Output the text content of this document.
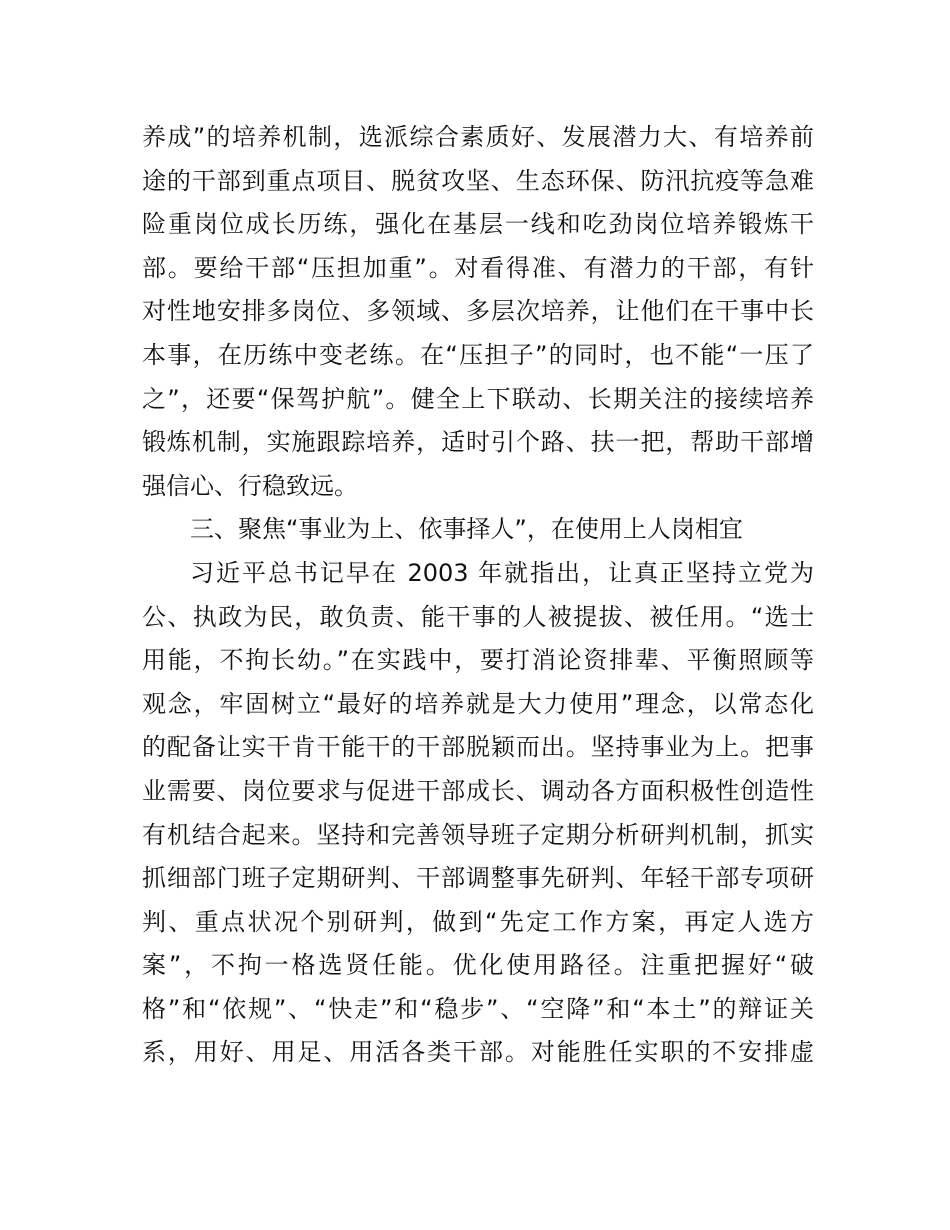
养成”的培养机制，选派综合素质好、发展潜力大、有培养前
途的干部到重点项目、脱贫攻坚、生态环保、防汛抗疫等急难
险重岗位成长历练，强化在基层一线和吃劲岗位培养锻炼干
部。要给干部“压担加重”。对看得准、有潜力的干部，有针
对性地安排多岗位、多领域、多层次培养，让他们在干事中长
本事，在历练中变老练。在“压担子”的同时，也不能“一压了
之”，还要“保驾护航”。健全上下联动、长期关注的接续培养
锻炼机制，实施跟踪培养，适时引个路、扶一把，帮助干部增
强信心、行稳致远。
三、聚焦“事业为上、依事择人”，在使用上人岗相宜
习近平总书记早在 2003 年就指出，让真正坚持立党为
公、执政为民，敢负责、能干事的人被提拔、被任用。“选士
用能，不拘长幼。”在实践中，要打消论资排辈、平衡照顾等
观念，牢固树立“最好的培养就是大力使用”理念，以常态化
的配备让实干肯干能干的干部脱颖而出。坚持事业为上。把事
业需要、岗位要求与促进干部成长、调动各方面积极性创造性
有机结合起来。坚持和完善领导班子定期分析研判机制，抓实
抓细部门班子定期研判、干部调整事先研判、年轻干部专项研
判、重点状况个别研判，做到“先定工作方案，再定人选方
案”，不拘一格选贤任能。优化使用路径。注重把握好“破
格”和“依规”、“快走”和“稳步”、“空降”和“本土”的辩证关
系，用好、用足、用活各类干部。对能胜任实职的不安排虚
